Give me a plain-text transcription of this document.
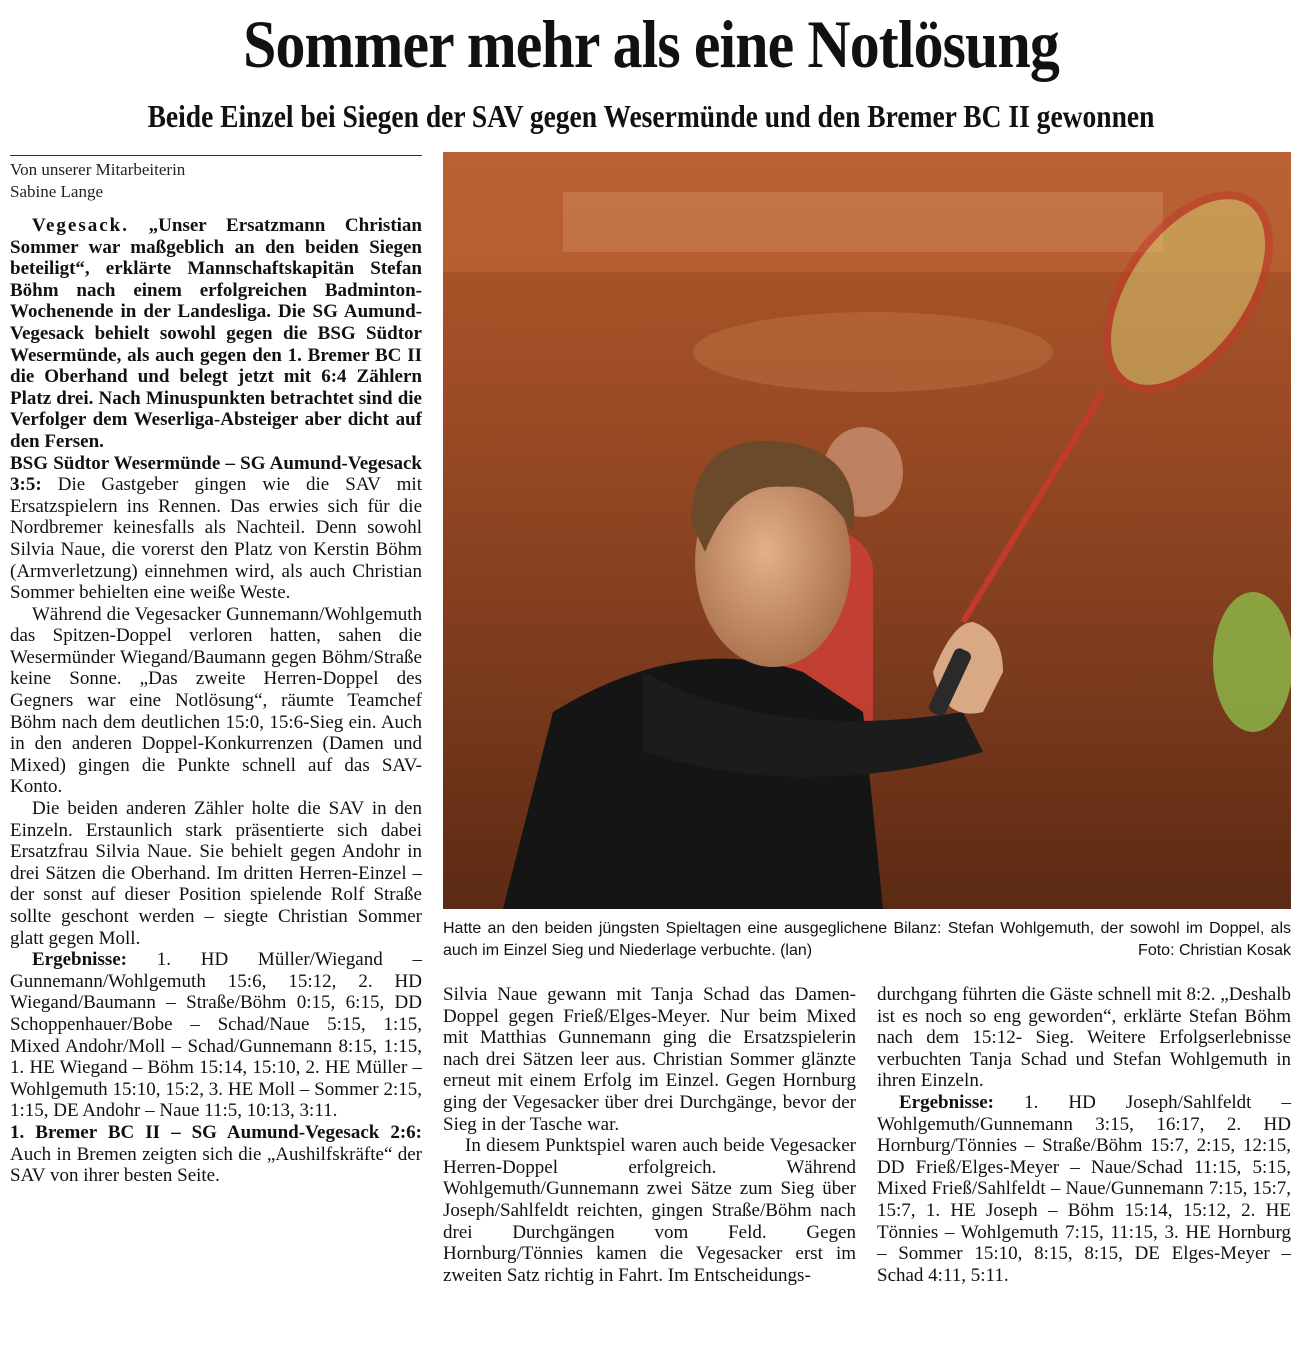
Sommer mehr als eine Notlösung
Beide Einzel bei Siegen der SAV gegen Wesermünde und den Bremer BC II gewonnen
Von unserer Mitarbeiterin
Sabine Lange

Vegesack. „Unser Ersatzmann Christian Sommer war maßgeblich an den beiden Siegen beteiligt“, erklärte Mannschaftskapitän Stefan Böhm nach einem erfolgreichen Badminton-Wochenende in der Landesliga. Die SG Aumund-Vegesack behielt sowohl gegen die BSG Südtor Wesermünde, als auch gegen den 1. Bremer BC II die Oberhand und belegt jetzt mit 6:4 Zählern Platz drei. Nach Minuspunkten betrachtet sind die Verfolger dem Weserliga-Absteiger aber dicht auf den Fersen.

BSG Südtor Wesermünde – SG Aumund-Vegesack 3:5: Die Gastgeber gingen wie die SAV mit Ersatzspielern ins Rennen. Das erwies sich für die Nordbremer keinesfalls als Nachteil. Denn sowohl Silvia Naue, die vorerst den Platz von Kerstin Böhm (Armverletzung) einnehmen wird, als auch Christian Sommer behielten eine weiße Weste.

Während die Vegesacker Gunnemann/Wohlgemuth das Spitzen-Doppel verloren hatten, sahen die Wesermünder Wiegand/Baumann gegen Böhm/Straße keine Sonne. „Das zweite Herren-Doppel des Gegners war eine Notlösung“, räumte Teamchef Böhm nach dem deutlichen 15:0, 15:6-Sieg ein. Auch in den anderen Doppel-Konkurrenzen (Damen und Mixed) gingen die Punkte schnell auf das SAV-Konto.

Die beiden anderen Zähler holte die SAV in den Einzeln. Erstaunlich stark präsentierte sich dabei Ersatzfrau Silvia Naue. Sie behielt gegen Andohr in drei Sätzen die Oberhand. Im dritten Herren-Einzel – der sonst auf dieser Position spielende Rolf Straße sollte geschont werden – siegte Christian Sommer glatt gegen Moll.

Ergebnisse: 1. HD Müller/Wiegand – Gunnemann/Wohlgemuth 15:6, 15:12, 2. HD Wiegand/Baumann – Straße/Böhm 0:15, 6:15, DD Schoppenhauer/Bobe – Schad/Naue 5:15, 1:15, Mixed Andohr/Moll – Schad/Gunnemann 8:15, 1:15, 1. HE Wiegand – Böhm 15:14, 15:10, 2. HE Müller – Wohlgemuth 15:10, 15:2, 3. HE Moll – Sommer 2:15, 1:15, DE Andohr – Naue 11:5, 10:13, 3:11.

1. Bremer BC II – SG Aumund-Vegesack 2:6: Auch in Bremen zeigten sich die „Aushilfskräfte“ der SAV von ihrer besten Seite.

Hatte an den beiden jüngsten Spieltagen eine ausgeglichene Bilanz: Stefan Wohlgemuth, der sowohl im Doppel, als auch im Einzel Sieg und Niederlage verbuchte. (lan)	Foto: Christian Kosak

Silvia Naue gewann mit Tanja Schad das Damen-Doppel gegen Frieß/Elges-Meyer. Nur beim Mixed mit Matthias Gunnemann ging die Ersatzspielerin nach drei Sätzen leer aus. Christian Sommer glänzte erneut mit einem Erfolg im Einzel. Gegen Hornburg ging der Vegesacker über drei Durchgänge, bevor der Sieg in der Tasche war.

In diesem Punktspiel waren auch beide Vegesacker Herren-Doppel erfolgreich. Während Wohlgemuth/Gunnemann zwei Sätze zum Sieg über Joseph/Sahlfeldt reichten, gingen Straße/Böhm nach drei Durchgängen vom Feld. Gegen Hornburg/Tönnies kamen die Vegesacker erst im zweiten Satz richtig in Fahrt. Im Entscheidungs-

durchgang führten die Gäste schnell mit 8:2. „Deshalb ist es noch so eng geworden“, erklärte Stefan Böhm nach dem 15:12- Sieg. Weitere Erfolgserlebnisse verbuchten Tanja Schad und Stefan Wohlgemuth in ihren Einzeln.

Ergebnisse: 1. HD Joseph/Sahlfeldt – Wohlgemuth/Gunnemann 3:15, 16:17, 2. HD Hornburg/Tönnies – Straße/Böhm 15:7, 2:15, 12:15, DD Frieß/Elges-Meyer – Naue/Schad 11:15, 5:15, Mixed Frieß/Sahlfeldt – Naue/Gunnemann 7:15, 15:7, 15:7, 1. HE Joseph – Böhm 15:14, 15:12, 2. HE Tönnies – Wohlgemuth 7:15, 11:15, 3. HE Hornburg – Sommer 15:10, 8:15, 8:15, DE Elges-Meyer – Schad 4:11, 5:11.
